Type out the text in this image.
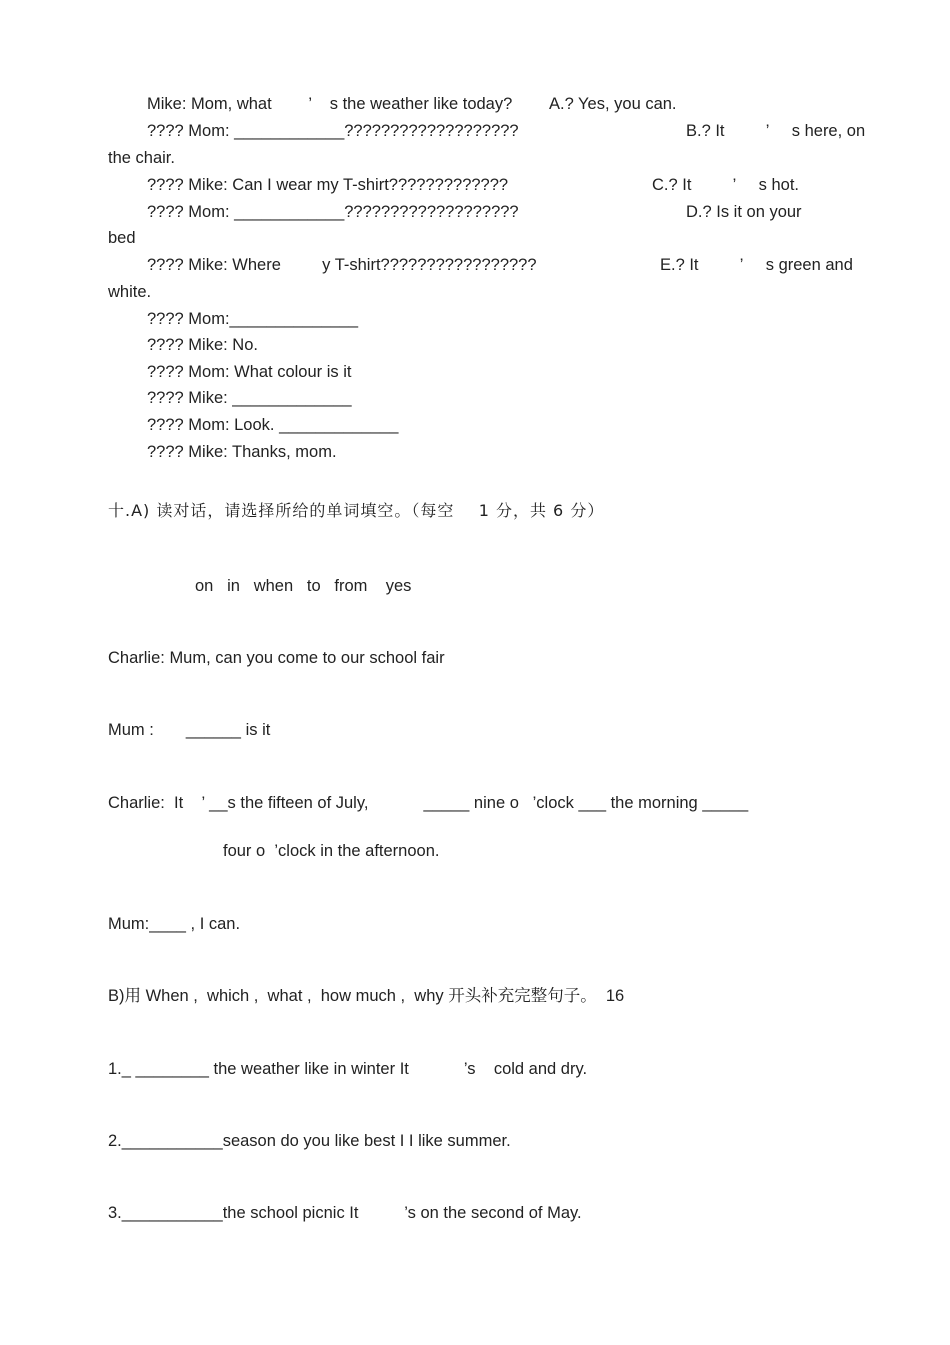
Mike: Mom, what        ’    s the weather like today? A.? Yes, you can.
???? Mom: ____________???????????????????	B.? It         ’     s here, on
the chair.
???? Mike: Can I wear my T-shirt?????????????	C.? It         ’     s hot.
???? Mom: ____________???????????????????	D.? Is it on your
bed
???? Mike: Where         y T-shirt?????????????????	E.? It         ’     s green and
white.
???? Mom:______________
???? Mike: No.
???? Mom: What colour is it
???? Mike: _____________
???? Mom: Look. _____________
???? Mike: Thanks, mom.
十.A) 读对话，请选择所给的单词填空。（每空    1 分，共 6 分）
on   in   when   to   from    yes
Charlie: Mum, can you come to our school fair
Mum :       ______ is it
Charlie:  It    ’ __s the fifteen of July,            _____ nine o   ’clock ___ the morning _____
four o  ’clock in the afternoon.
Mum:____ , I can.
B)用 When ,  which ,  what ,  how much ,  why 开头补充完整句子。  16
1._ ________ the weather like in winter It            ’s    cold and dry.
2.___________season do you like best I I like summer.
3.___________the school picnic It          ’s on the second of May.
